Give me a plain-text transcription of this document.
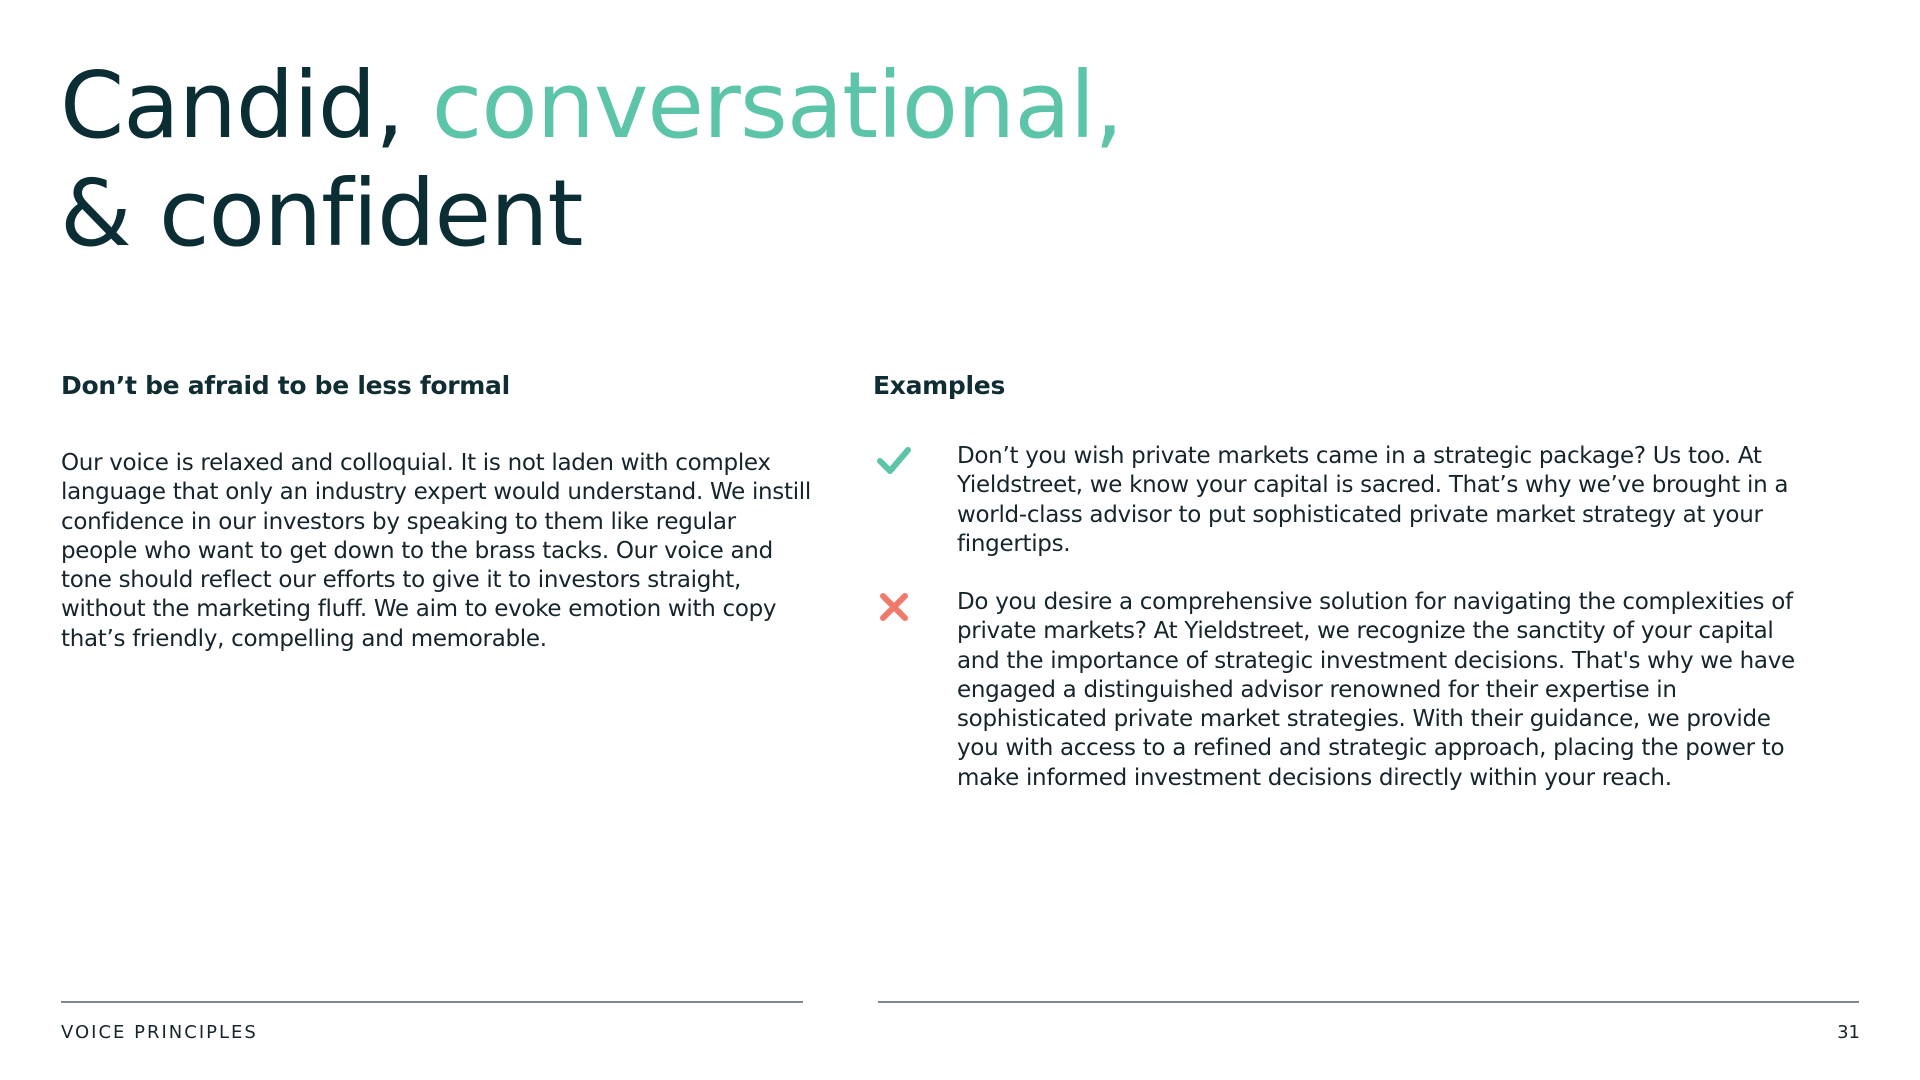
Candid, conversational,
& confident
Don’t be afraid to be less formal

Our voice is relaxed and colloquial. It is not laden with complex language that only an industry expert would understand. We instill confidence in our investors by speaking to them like regular people who want to get down to the brass tacks. Our voice and tone should reflect our efforts to give it to investors straight, without the marketing fluff. We aim to evoke emotion with copy that’s friendly, compelling and memorable.

Examples

Don’t you wish private markets came in a strategic package? Us too. At Yieldstreet, we know your capital is sacred. That’s why we’ve brought in a world-class advisor to put sophisticated private market strategy at your fingertips.

Do you desire a comprehensive solution for navigating the complexities of private markets? At Yieldstreet, we recognize the sanctity of your capital and the importance of strategic investment decisions. That's why we have engaged a distinguished advisor renowned for their expertise in sophisticated private market strategies. With their guidance, we provide you with access to a refined and strategic approach, placing the power to make informed investment decisions directly within your reach.

VOICE PRINCIPLES	31
